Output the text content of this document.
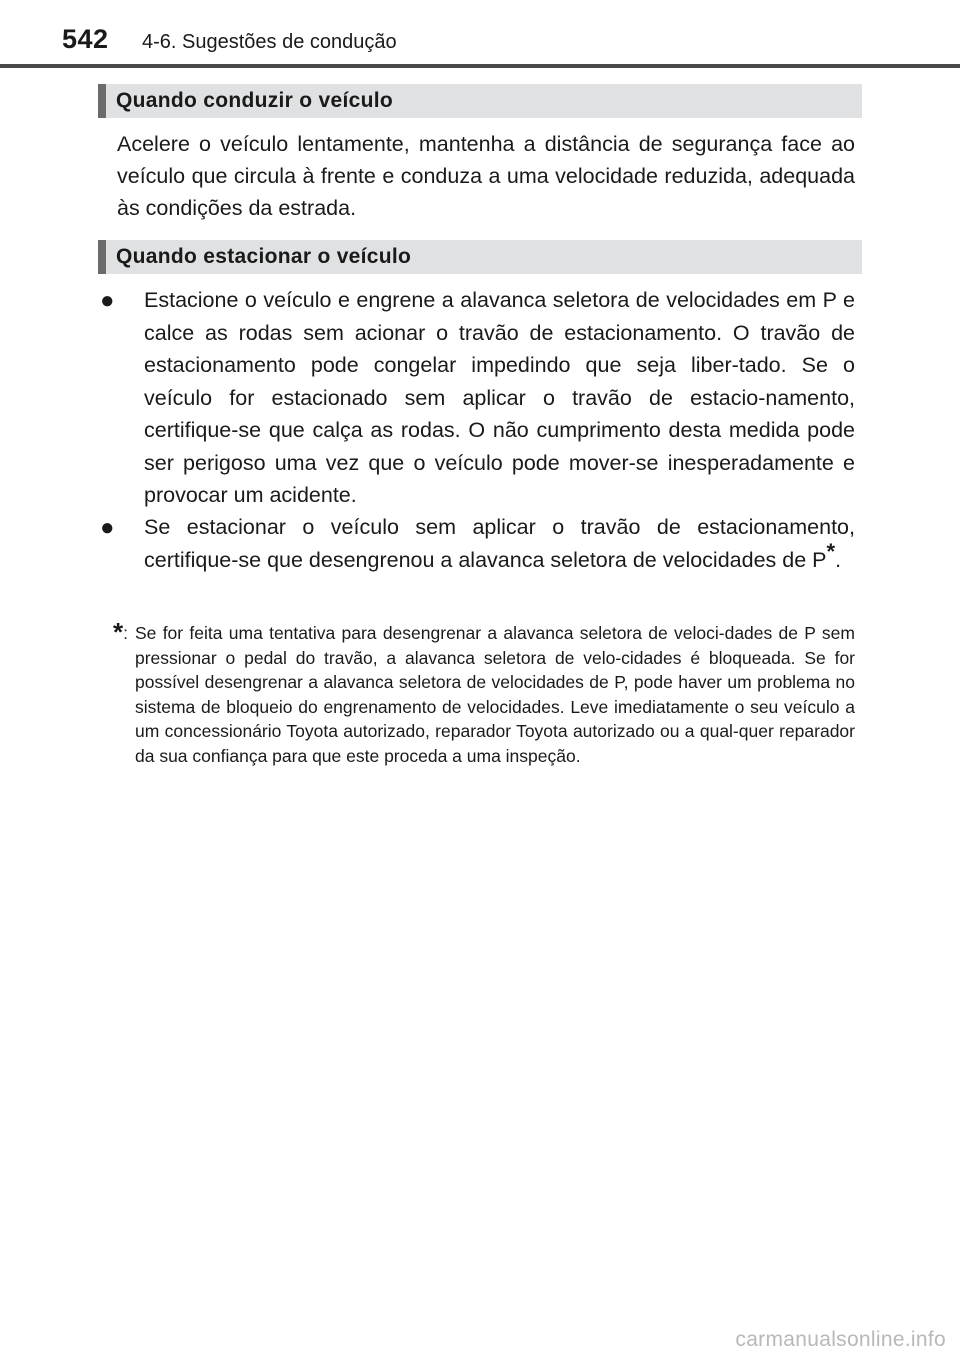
542 4-6. Sugestões de condução
Quando conduzir o veículo
Acelere o veículo lentamente, mantenha a distância de segurança face ao veículo que circula à frente e conduza a uma velocidade reduzida, adequada às condições da estrada.
Quando estacionar o veículo
● Estacione o veículo e engrene a alavanca seletora de velocidades em P e calce as rodas sem acionar o travão de estacionamento. O travão de estacionamento pode congelar impedindo que seja liber-tado. Se o veículo for estacionado sem aplicar o travão de estacio-namento, certifique-se que calça as rodas. O não cumprimento desta medida pode ser perigoso uma vez que o veículo pode mover-se inesperadamente e provocar um acidente.
● Se estacionar o veículo sem aplicar o travão de estacionamento, certifique-se que desengrenou a alavanca seletora de velocidades de P*.
*: Se for feita uma tentativa para desengrenar a alavanca seletora de veloci-dades de P sem pressionar o pedal do travão, a alavanca seletora de velo-cidades é bloqueada. Se for possível desengrenar a alavanca seletora de velocidades de P, pode haver um problema no sistema de bloqueio do engrenamento de velocidades. Leve imediatamente o seu veículo a um concessionário Toyota autorizado, reparador Toyota autorizado ou a qual-quer reparador da sua confiança para que este proceda a uma inspeção.
carmanualsonline.info
